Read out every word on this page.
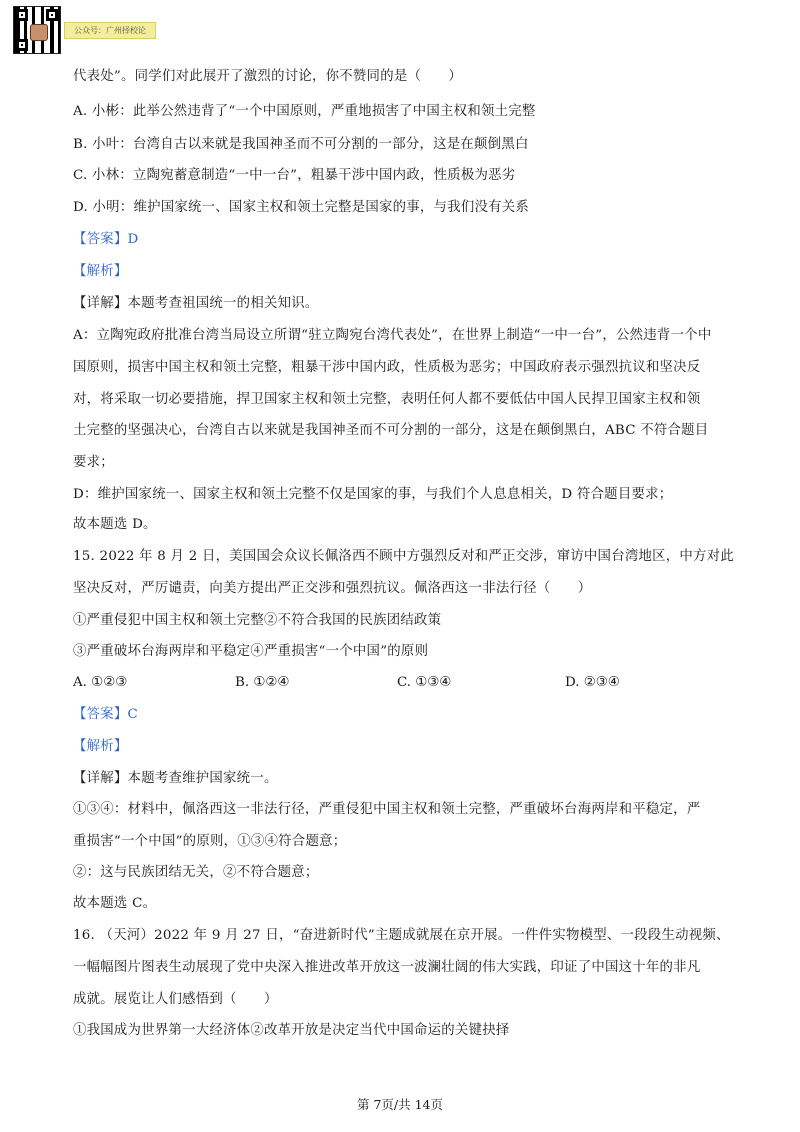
公众号：广州择校论
代表处”。同学们对此展开了激烈的讨论，你不赞同的是（　　）
A. 小彬：此举公然违背了“一个中国原则，严重地损害了中国主权和领土完整
B. 小叶：台湾自古以来就是我国神圣而不可分割的一部分，这是在颠倒黑白
C. 小林：立陶宛蓄意制造“一中一台”，粗暴干涉中国内政，性质极为恶劣
D. 小明：维护国家统一、国家主权和领土完整是国家的事，与我们没有关系
【答案】D
【解析】
【详解】本题考查祖国统一的相关知识。
A：立陶宛政府批准台湾当局设立所谓“驻立陶宛台湾代表处”，在世界上制造“一中一台”，公然违背一个中
国原则，损害中国主权和领土完整，粗暴干涉中国内政，性质极为恶劣；中国政府表示强烈抗议和坚决反
对，将采取一切必要措施，捍卫国家主权和领土完整，表明任何人都不要低估中国人民捍卫国家主权和领
土完整的坚强决心，台湾自古以来就是我国神圣而不可分割的一部分，这是在颠倒黑白，ABC 不符合题目
要求；
D：维护国家统一、国家主权和领土完整不仅是国家的事，与我们个人息息相关，D 符合题目要求；
故本题选 D。
15. 2022 年 8 月 2 日，美国国会众议长佩洛西不顾中方强烈反对和严正交涉，窜访中国台湾地区，中方对此
坚决反对，严厉谴责，向美方提出严正交涉和强烈抗议。佩洛西这一非法行径（　　）
①严重侵犯中国主权和领土完整②不符合我国的民族团结政策
③严重破坏台海两岸和平稳定④严重损害“一个中国”的原则
A. ①②③	B. ①②④	C. ①③④	D. ②③④
【答案】C
【解析】
【详解】本题考查维护国家统一。
①③④：材料中，佩洛西这一非法行径，严重侵犯中国主权和领土完整，严重破坏台海两岸和平稳定，严
重损害“一个中国”的原则，①③④符合题意；
②：这与民族团结无关，②不符合题意；
故本题选 C。
16. （天河）2022 年 9 月 27 日，“奋进新时代”主题成就展在京开展。一件件实物模型、一段段生动视频、
一幅幅图片图表生动展现了党中央深入推进改革开放这一波澜壮阔的伟大实践，印证了中国这十年的非凡
成就。展览让人们感悟到（　　）
①我国成为世界第一大经济体②改革开放是决定当代中国命运的关键抉择
第 7页/共 14页
